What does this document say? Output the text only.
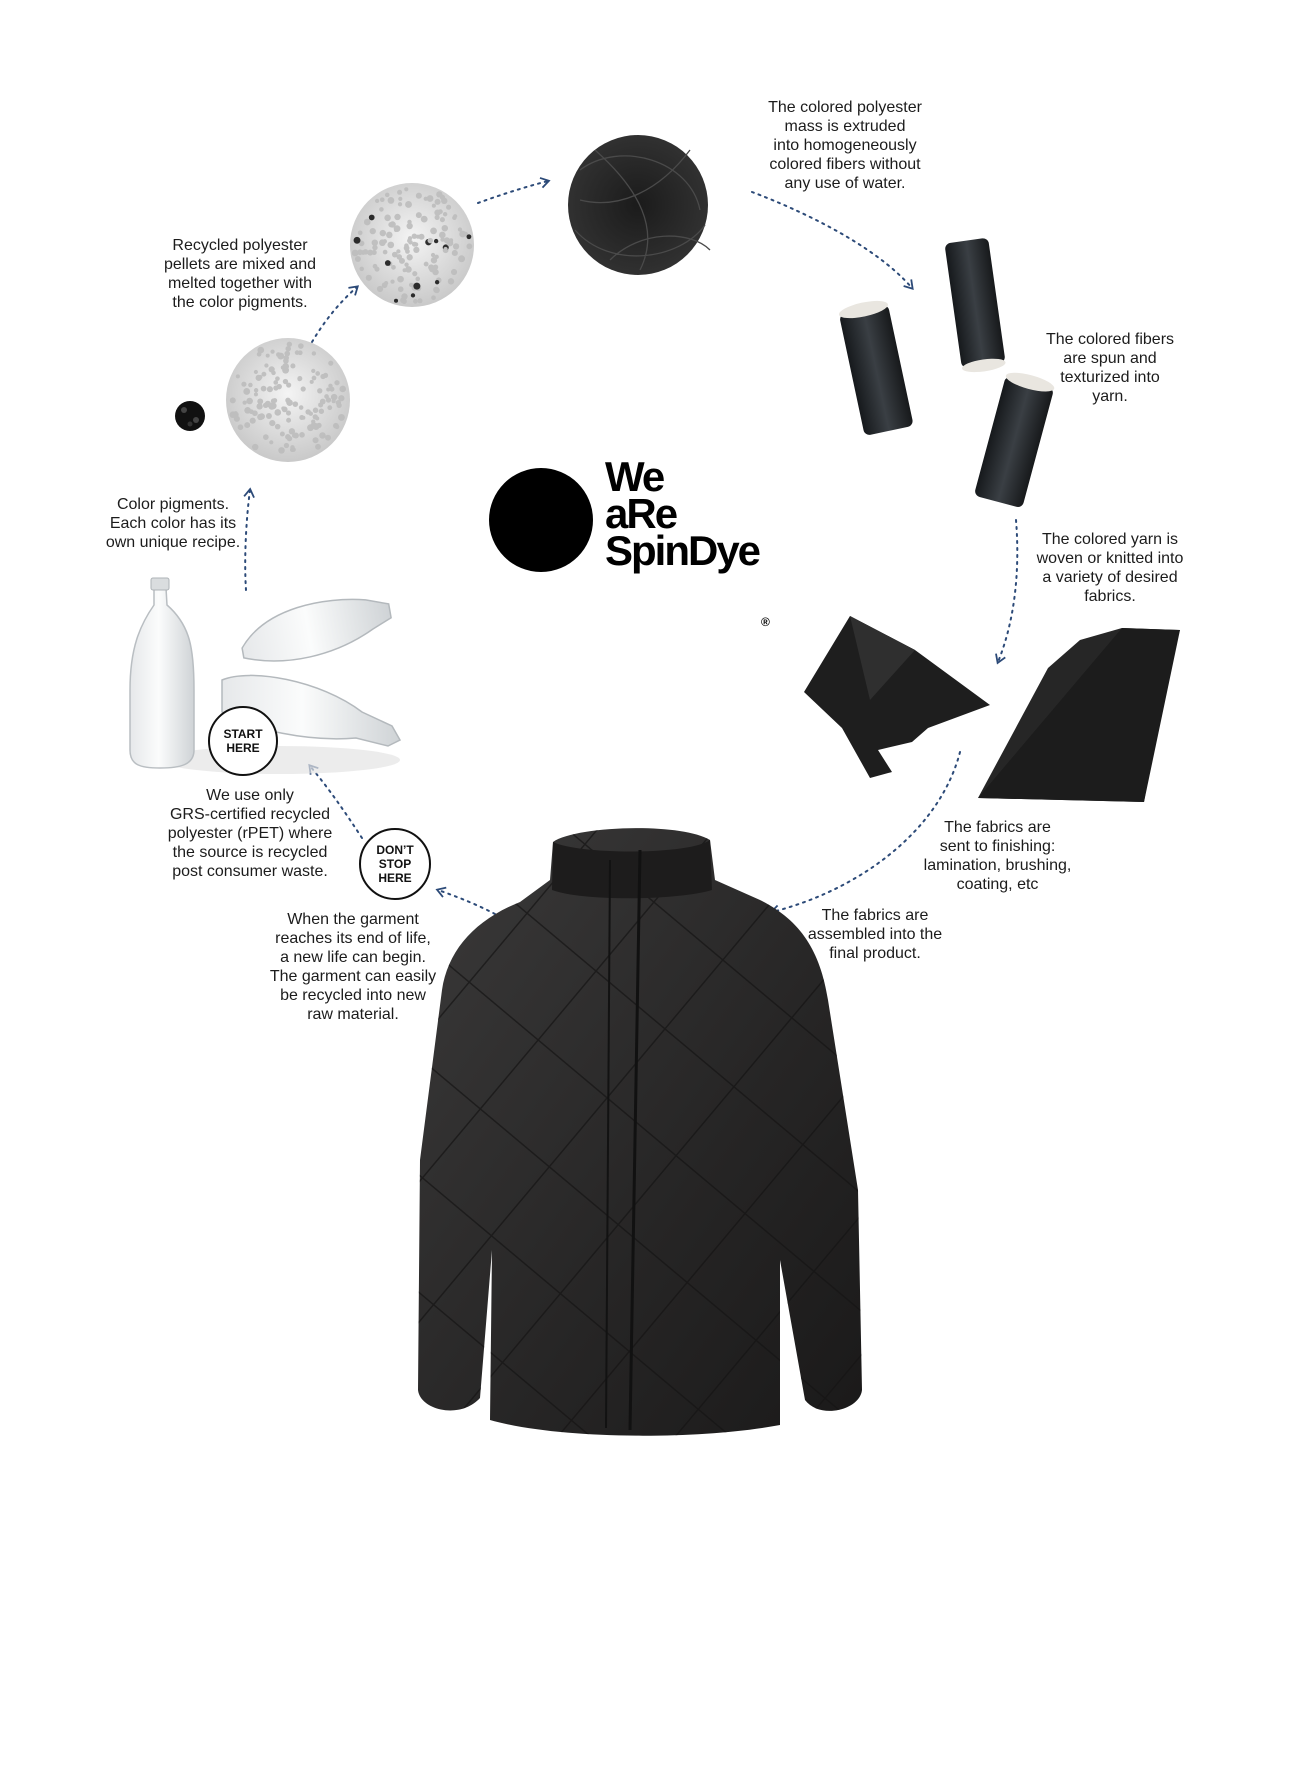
We
aRe
SpinDye®
The colored polyester
mass is extruded
into homogeneously
colored fibers without
any use of water.
Recycled polyester
pellets are mixed and
melted together with
the color pigments.
The colored fibers
are spun and
texturized into
yarn.
Color pigments.
Each color has its
own unique recipe.	The colored yarn is
woven or knitted into
a variety of desired
fabrics.
The fabrics are
sent to finishing:
lamination, brushing,
coating, etc
The fabrics are
assembled into the
final product.
We use only
GRS-certified recycled
polyester (rPET) where
the source is recycled
post consumer waste.
When the garment
reaches its end of life,
a new life can begin.
The garment can easily
be recycled into new
raw material.
START
HERE
DON’T
STOP
HERE
